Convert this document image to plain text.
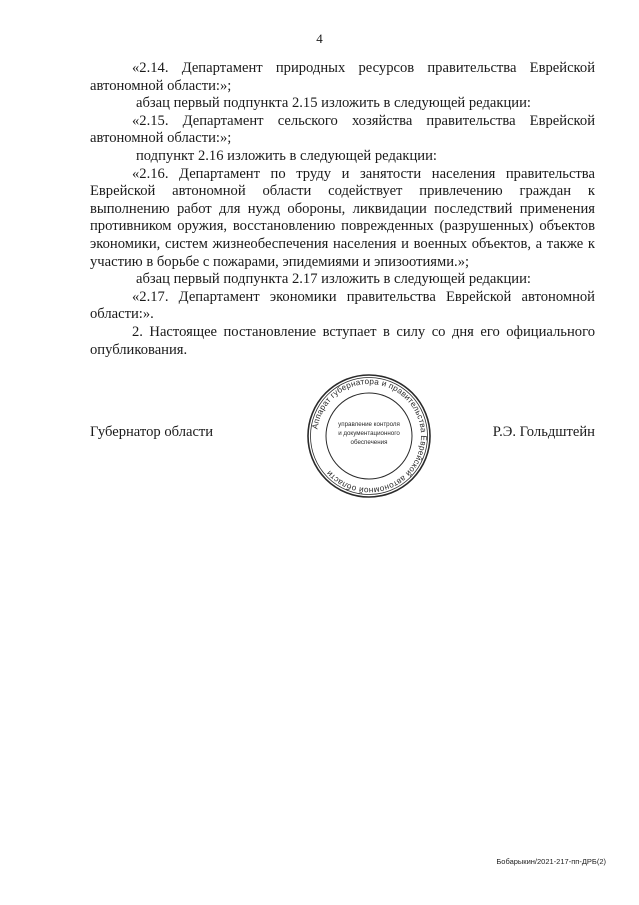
4

«2.14. Департамент природных ресурсов правительства Еврейской автономной области:»;

абзац первый подпункта 2.15 изложить в следующей редакции:

«2.15. Департамент сельского хозяйства правительства Еврейской автономной области:»;

подпункт 2.16 изложить в следующей редакции:

«2.16. Департамент по труду и занятости населения правительства Еврейской автономной области содействует привлечению граждан к выполнению работ для нужд обороны, ликвидации последствий применения противником оружия, восстановлению поврежденных (разрушенных) объектов экономики, систем жизнеобеспечения населения и военных объектов, а также к участию в борьбе с пожарами, эпидемиями и эпизоотиями.»;

абзац первый подпункта 2.17 изложить в следующей редакции:

«2.17. Департамент экономики правительства Еврейской автономной области:».

2. Настоящее постановление вступает в силу со дня его официального опубликования.

Губернатор области	Р.Э. Гольдштейн
Аппарат губернатора и правительства Еврейской автономной области
управление контроля
и документационного
обеспечения
Бобарыкин/2021-217-пп-ДРБ(2)
